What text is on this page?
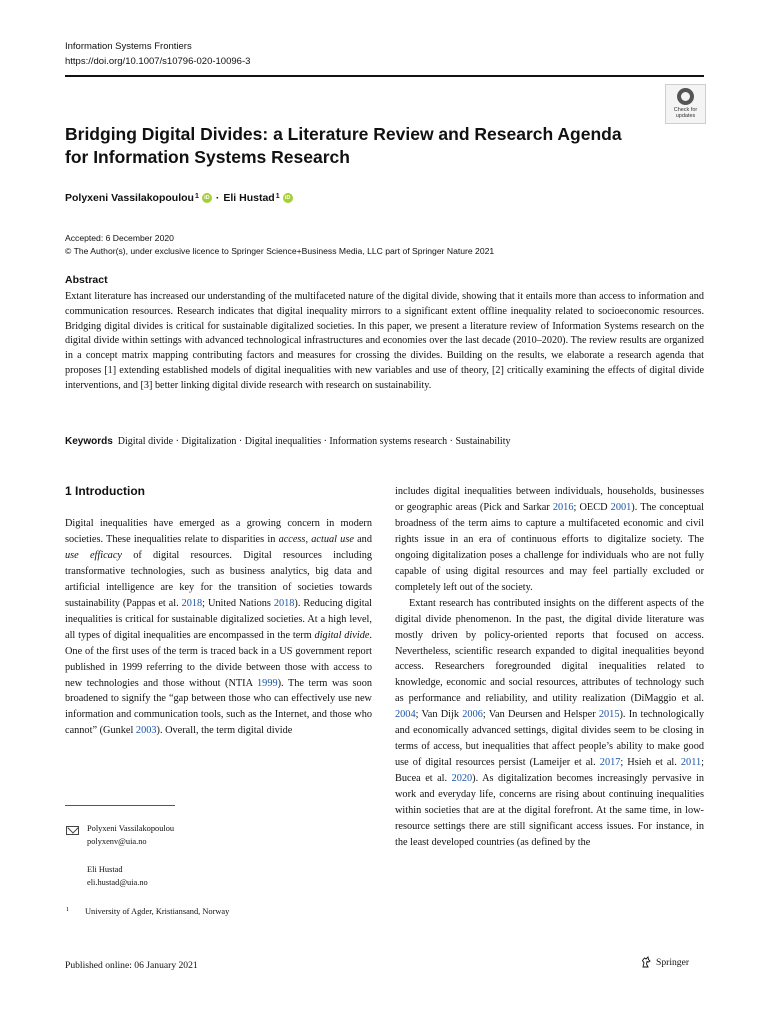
Information Systems Frontiers
https://doi.org/10.1007/s10796-020-10096-3
Check for
updates
Bridging Digital Divides: a Literature Review and Research Agenda for Information Systems Research
Polyxeni Vassilakopoulou$^1$ iD · Eli Hustad$^1$ iD
Accepted: 6 December 2020
© The Author(s), under exclusive licence to Springer Science+Business Media, LLC part of Springer Nature 2021
Abstract
Extant literature has increased our understanding of the multifaceted nature of the digital divide, showing that it entails more than access to information and communication resources. Research indicates that digital inequality mirrors to a significant extent offline inequality related to socioeconomic resources. Bridging digital divides is critical for sustainable digitalized societies. In this paper, we present a literature review of Information Systems research on the digital divide within settings with advanced technological infrastructures and economies over the last decade (2010–2020). The review results are organized in a concept matrix mapping contributing factors and measures for crossing the divides. Building on the results, we elaborate a research agenda that proposes [1] extending established models of digital inequalities with new variables and use of theory, [2] critically examining the effects of digital divide interventions, and [3] better linking digital divide research with research on sustainability.
Keywords Digital divide · Digitalization · Digital inequalities · Information systems research · Sustainability
1 Introduction

Digital inequalities have emerged as a growing concern in modern societies. These inequalities relate to disparities in access, actual use and use efficacy of digital resources. Digital resources including transformative technologies, such as business analytics, big data and artificial intelligence are key for the transition of societies towards sustainability (Pappas et al. 2018; United Nations 2018). Reducing digital inequalities is critical for sustainable digitalized societies. At a high level, all types of digital inequalities are encompassed in the term digital divide. One of the first uses of the term is traced back in a US government report published in 1999 referring to the divide between those with access to new technologies and those without (NTIA 1999). The term was soon broadened to signify the “gap between those who can effectively use new information and communication tools, such as the Internet, and those who cannot” (Gunkel 2003). Overall, the term digital divide

includes digital inequalities between individuals, households, businesses or geographic areas (Pick and Sarkar 2016; OECD 2001). The conceptual broadness of the term aims to capture a multifaceted economic and civil rights issue in an era of continuous efforts to digitalize society. The ongoing digitalization poses a challenge for individuals who are not fully capable of using digital resources and may feel partially excluded or completely left out of the society.

Extant research has contributed insights on the different aspects of the digital divide phenomenon. In the past, the digital divide literature was mostly driven by policy-oriented reports that focused on access. Nevertheless, scientific research expanded to digital inequalities beyond access. Researchers foregrounded digital inequalities related to knowledge, economic and social resources, attributes of technology such as performance and reliability, and utility realization (DiMaggio et al. 2004; Van Dijk 2006; Van Deursen and Helsper 2015). In technologically and economically advanced settings, digital divides seem to be closing in terms of access, but inequalities that affect people’s ability to make good use of digital resources persist (Lameijer et al. 2017; Hsieh et al. 2011; Bucea et al. 2020). As digitalization becomes increasingly pervasive in work and everyday life, concerns are rising about continuing inequalities within societies that are at the digital forefront. At the same time, in low-resource settings there are still significant access issues. For instance, in the least developed countries (as defined by the

Polyxeni Vassilakopoulou
polyxenv@uia.no
Eli Hustad
eli.hustad@uia.no
1 University of Agder, Kristiansand, Norway
Published online: 06 January 2021	Springer
